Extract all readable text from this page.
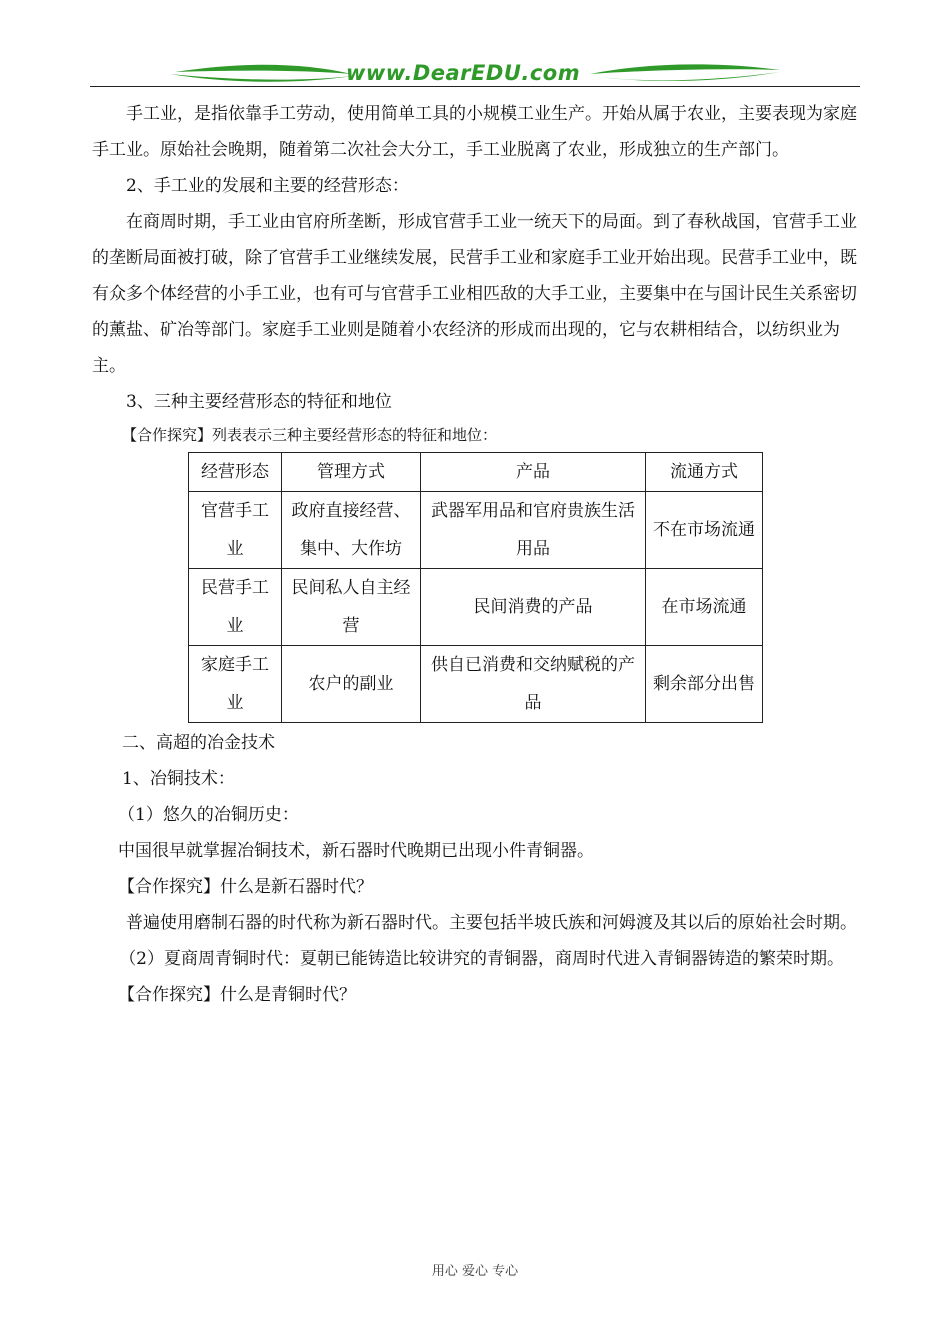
www.DearEDU.com

手工业，是指依靠手工劳动，使用简单工具的小规模工业生产。开始从属于农业，主要表现为家庭手工业。原始社会晚期，随着第二次社会大分工，手工业脱离了农业，形成独立的生产部门。

2、手工业的发展和主要的经营形态：

在商周时期，手工业由官府所垄断，形成官营手工业一统天下的局面。到了春秋战国，官营手工业的垄断局面被打破，除了官营手工业继续发展，民营手工业和家庭手工业开始出现。民营手工业中，既有众多个体经营的小手工业，也有可与官营手工业相匹敌的大手工业，主要集中在与国计民生关系密切的薰盐、矿冶等部门。家庭手工业则是随着小农经济的形成而出现的，它与农耕相结合，以纺织业为主。

3、三种主要经营形态的特征和地位

【合作探究】列表表示三种主要经营形态的特征和地位：

经营形态	管理方式	产品	流通方式
官营手工业	政府直接经营、集中、大作坊	武器军用品和官府贵族生活用品	不在市场流通
民营手工业	民间私人自主经营	民间消费的产品	在市场流通
家庭手工业	农户的副业	供自已消费和交纳赋税的产品	剩余部分出售

二、高超的冶金技术

1、冶铜技术：

（1）悠久的冶铜历史：

中国很早就掌握冶铜技术，新石器时代晚期已出现小件青铜器。

【合作探究】什么是新石器时代？

普遍使用磨制石器的时代称为新石器时代。主要包括半坡氏族和河姆渡及其以后的原始社会时期。

（2）夏商周青铜时代：夏朝已能铸造比较讲究的青铜器，商周时代进入青铜器铸造的繁荣时期。

【合作探究】什么是青铜时代？

用心 爱心 专心
